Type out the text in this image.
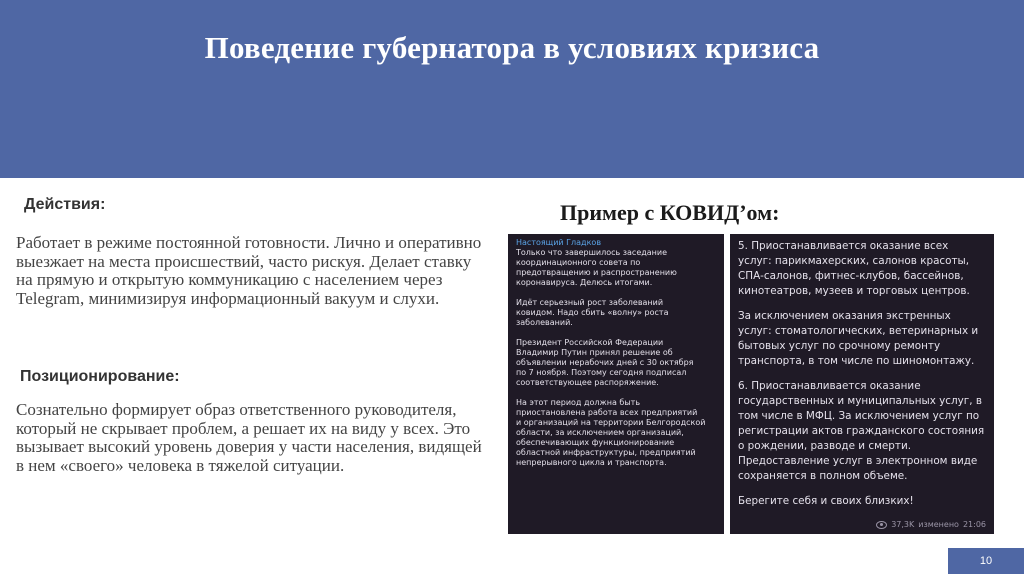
Поведение губернатора в условиях кризиса
Действия:
Работает в режиме постоянной готовности. Лично и оперативно выезжает на места происшествий, часто рискуя. Делает ставку на прямую и открытую коммуникацию с населением через Telegram, минимизируя информационный вакуум и слухи.
Позиционирование:
Сознательно формирует образ ответственного руководителя, который не скрывает проблем, а решает их на виду у всех. Это вызывает высокий уровень доверия у части населения, видящей в нем «своего» человека в тяжелой ситуации.
Пример с КОВИД’ом:
Настоящий Гладков

Только что завершилось заседание
координационного совета по
предотвращению и распространению
коронавируса. Делюсь итогами.

Идёт серьезный рост заболеваний
ковидом. Надо сбить «волну» роста
заболеваний.

Президент Российской Федерации
Владимир Путин принял решение об
объявлении нерабочих дней с 30 октября
по 7 ноября. Поэтому сегодня подписал
соответствующее распоряжение.

На этот период должна быть
приостановлена работа всех предприятий
и организаций на территории Белгородской
области, за исключением организаций,
обеспечивающих функционирование
областной инфраструктуры, предприятий
непрерывного цикла и транспорта.

5. Приостанавливается оказание всех
услуг: парикмахерских, салонов красоты,
СПА-салонов, фитнес-клубов, бассейнов,
кинотеатров, музеев и торговых центров.

За исключением оказания экстренных
услуг: стоматологических, ветеринарных и
бытовых услуг по срочному ремонту
транспорта, в том числе по шиномонтажу.

6. Приостанавливается оказание
государственных и муниципальных услуг, в
том числе в МФЦ. За исключением услуг по
регистрации актов гражданского состояния
о рождении, разводе и смерти.
Предоставление услуг в электронном виде
сохраняется в полном объеме.

Берегите себя и своих близких!

37,3K изменено 21:06
10
